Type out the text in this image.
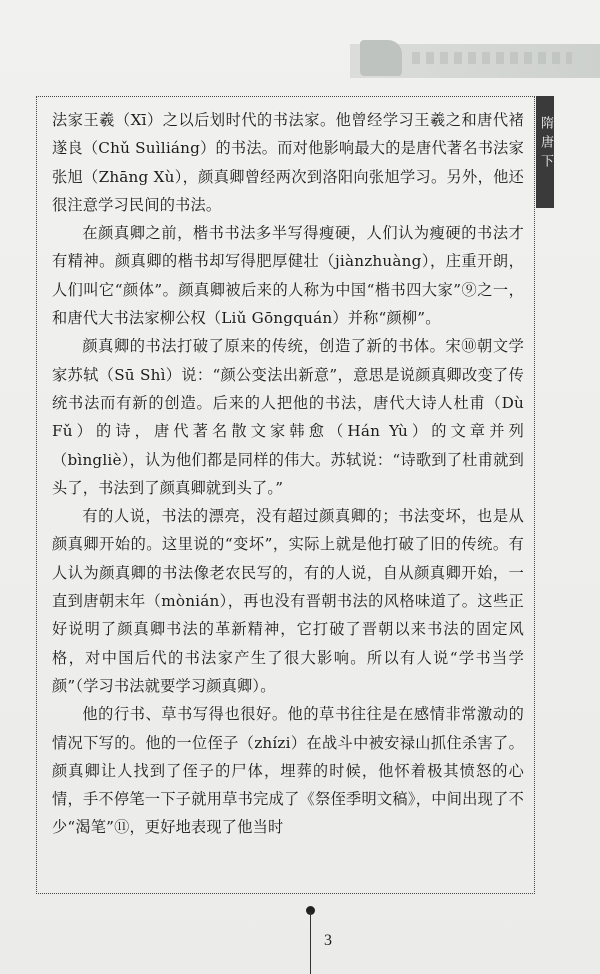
法家王羲（Xī）之以后划时代的书法家。他曾经学习王羲之和唐代褚遂良（Chǔ Suìliáng）的书法。而对他影响最大的是唐代著名书法家张旭（Zhāng Xù），颜真卿曾经两次到洛阳向张旭学习。另外，他还很注意学习民间的书法。

在颜真卿之前，楷书书法多半写得瘦硬，人们认为瘦硬的书法才有精神。颜真卿的楷书却写得肥厚健壮（jiànzhuàng），庄重开朗，人们叫它“颜体”。颜真卿被后来的人称为中国“楷书四大家”⑨之一，和唐代大书法家柳公权（Liǔ Gōngquán）并称“颜柳”。

颜真卿的书法打破了原来的传统，创造了新的书体。宋⑩朝文学家苏轼（Sū Shì）说：“颜公变法出新意”，意思是说颜真卿改变了传统书法而有新的创造。后来的人把他的书法，唐代大诗人杜甫（Dù Fǔ）的诗，唐代著名散文家韩愈（Hán Yù）的文章并列（bìngliè），认为他们都是同样的伟大。苏轼说：“诗歌到了杜甫就到头了，书法到了颜真卿就到头了。”

有的人说，书法的漂亮，没有超过颜真卿的；书法变坏，也是从颜真卿开始的。这里说的“变坏”，实际上就是他打破了旧的传统。有人认为颜真卿的书法像老农民写的，有的人说，自从颜真卿开始，一直到唐朝末年（mònián），再也没有晋朝书法的风格味道了。这些正好说明了颜真卿书法的革新精神，它打破了晋朝以来书法的固定风格，对中国后代的书法家产生了很大影响。所以有人说“学书当学颜”（学习书法就要学习颜真卿）。

他的行书、草书写得也很好。他的草书往往是在感情非常激动的情况下写的。他的一位侄子（zhízi）在战斗中被安禄山抓住杀害了。颜真卿让人找到了侄子的尸体，埋葬的时候，他怀着极其愤怒的心情，手不停笔一下子就用草书完成了《祭侄季明文稿》，中间出现了不少“渴笔”⑪，更好地表现了他当时

隋唐下
3
